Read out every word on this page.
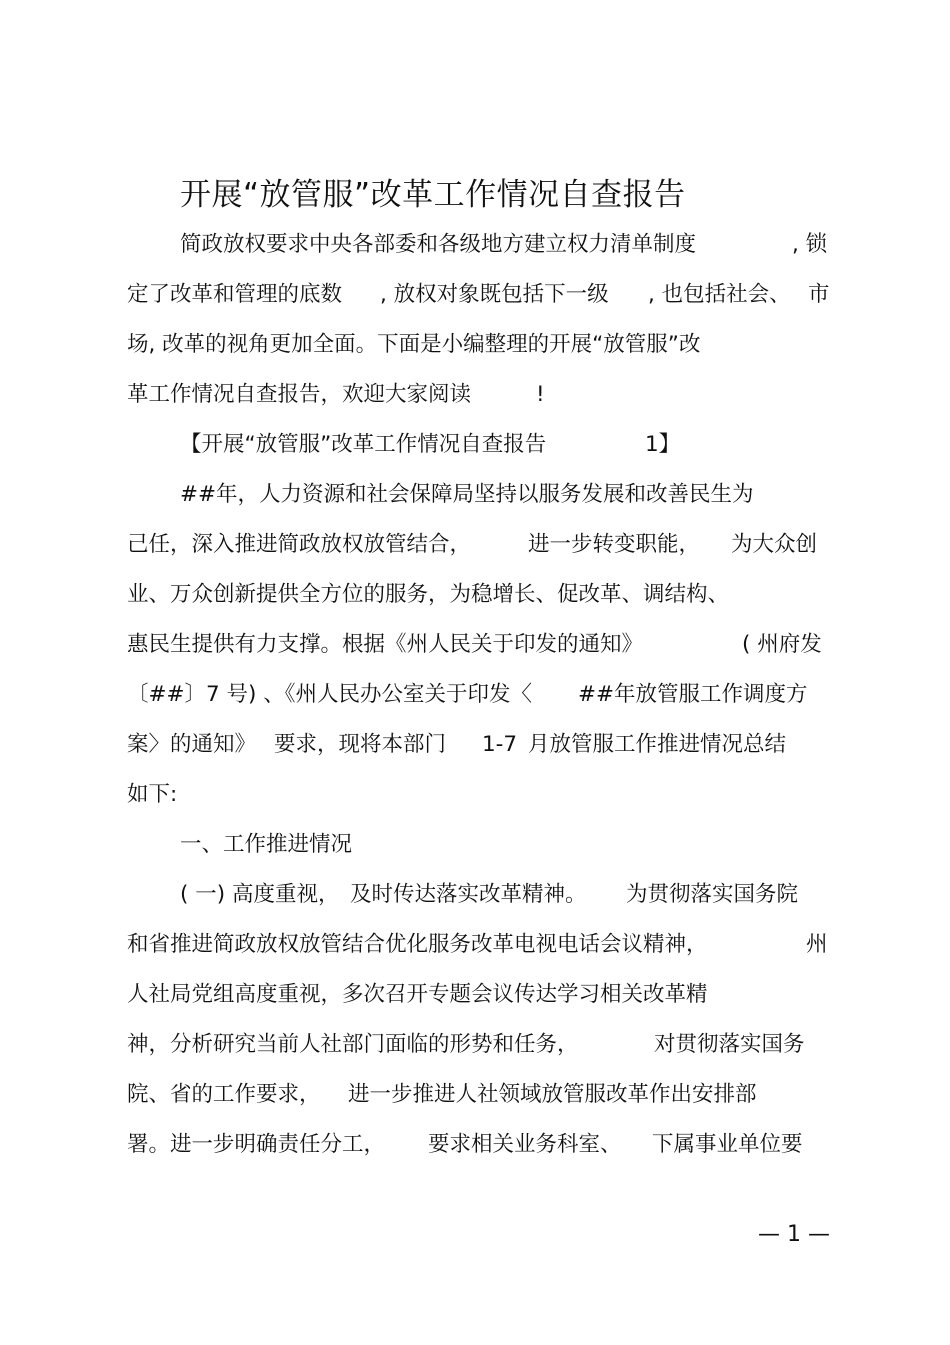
开展“放管服”改革工作情况自查报告
简政放权要求中央各部委和各级地方建立权力清单制度	, 锁
定了改革和管理的底数 , 放权对象既包括下一级 , 也包括社会、 市
场, 改革的视角更加全面。下面是小编整理的开展“放管服”改
革工作情况自查报告，欢迎大家阅读	!
【开展“放管服”改革工作情况自查报告	1】
##年，人力资源和社会保障局坚持以服务发展和改善民生为
己任，深入推进简政放权放管结合，	进一步转变职能， 为大众创
业、万众创新提供全方位的服务，为稳增长、促改革、调结构、
惠民生提供有力支撑。根据《州人民关于印发的通知》	( 州府发
〔##〕7 号) 、《州人民办公室关于印发〈 ##年放管服工作调度方
案〉的通知》 要求，现将本部门 1-7 月放管服工作推进情况总结
如下:
一、工作推进情况
( 一) 高度重视， 及时传达落实改革精神。 为贯彻落实国务院
和省推进简政放权放管结合优化服务改革电视电话会议精神，	州
人社局党组高度重视，多次召开专题会议传达学习相关改革精
神，分析研究当前人社部门面临的形势和任务，	对贯彻落实国务
院、省的工作要求， 进一步推进人社领域放管服改革作出安排部
署。进一步明确责任分工， 要求相关业务科室、 下属事业单位要
— 1 —
